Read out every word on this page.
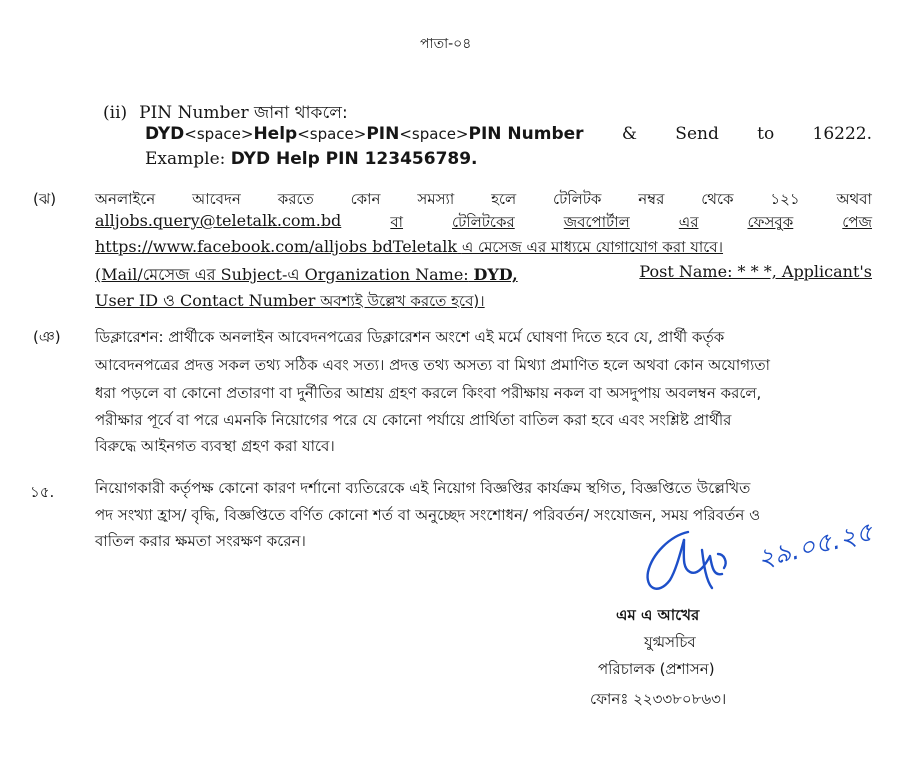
পাতা-০৪
(ii) PIN Number জানা থাকলে:
DYD<space>Help<space>PIN<space>PIN Number & Send to 16222.
Example: DYD Help PIN 123456789.
(ঝ)	অনলাইনে আবেদন করতে কোন সমস্যা হলে টেলিটক নম্বর থেকে ১২১ অথবা
alljobs.query@teletalk.com.bd	বা	টেলিটকের	জবপোর্টাল	এর	ফেসবুক	পেজ
https://www.facebook.com/alljobs bdTeletalk এ মেসেজ এর মাধ্যমে যোগাযোগ করা যাবে।
(Mail/মেসেজ এর Subject-এ Organization Name: DYD,	Post Name: * * *, Applicant's
User ID ও Contact Number অবশ্যই উল্লেখ করতে হবে)।
(ঞ) ডিক্লারেশন: প্রার্থীকে অনলাইন আবেদনপত্রের ডিক্লারেশন অংশে এই মর্মে ঘোষণা দিতে হবে যে, প্রার্থী কর্তৃক
আবেদনপত্রের প্রদত্ত সকল তথ্য সঠিক এবং সত্য। প্রদত্ত তথ্য অসত্য বা মিথ্যা প্রমাণিত হলে অথবা কোন অযোগ্যতা
ধরা পড়লে বা কোনো প্রতারণা বা দুর্নীতির আশ্রয় গ্রহণ করলে কিংবা পরীক্ষায় নকল বা অসদুপায় অবলম্বন করলে,
পরীক্ষার পূর্বে বা পরে এমনকি নিয়োগের পরে যে কোনো পর্যায়ে প্রার্থিতা বাতিল করা হবে এবং সংশ্লিষ্ট প্রার্থীর
বিরুদ্ধে আইনগত ব্যবস্থা গ্রহণ করা যাবে।
১৫.	নিয়োগকারী কর্তৃপক্ষ কোনো কারণ দর্শানো ব্যতিরেকে এই নিয়োগ বিজ্ঞপ্তির কার্যক্রম স্থগিত, বিজ্ঞপ্তিতে উল্লেখিত
পদ সংখ্যা হ্রাস/ বৃদ্ধি, বিজ্ঞপ্তিতে বর্ণিত কোনো শর্ত বা অনুচ্ছেদ সংশোধন/ পরিবর্তন/ সংযোজন, সময় পরিবর্তন ও
বাতিল করার ক্ষমতা সংরক্ষণ করেন।	২৯.০৫.২৫
এম এ আখের
যুগ্মসচিব
পরিচালক (প্রশাসন)
ফোনঃ ২২৩৩৮০৮৬৩।
